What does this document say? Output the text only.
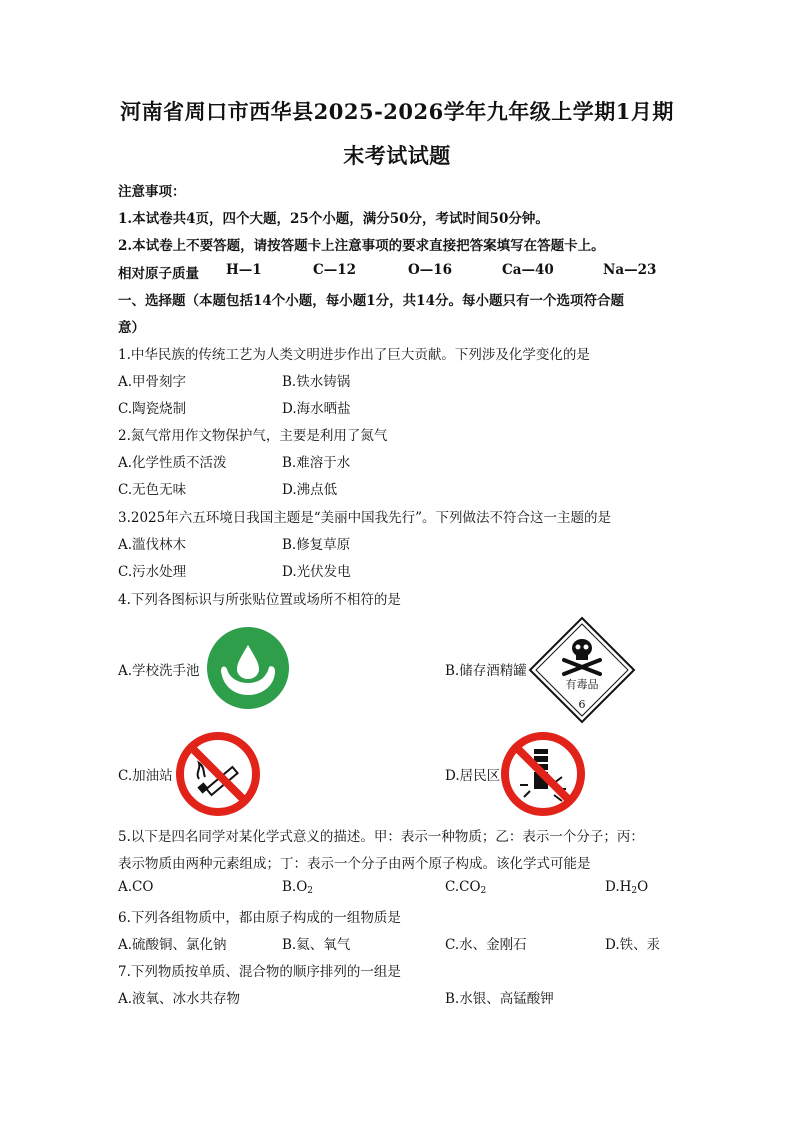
河南省周口市西华县2025-2026学年九年级上学期1月期
末考试试题
注意事项：
1.本试卷共4页，四个大题，25个小题，满分50分，考试时间50分钟。
2.本试卷上不要答题，请按答题卡上注意事项的要求直接把答案填写在答题卡上。
相对原子质量 H—1	C—12	O—16	Ca—40	Na—23
一、选择题（本题包括14个小题，每小题1分，共14分。每小题只有一个选项符合题
意）
1.中华民族的传统工艺为人类文明进步作出了巨大贡献。下列涉及化学变化的是
A.甲骨刻字	B.铁水铸锅
C.陶瓷烧制	D.海水晒盐
2.氮气常用作文物保护气，主要是利用了氮气
A.化学性质不活泼	B.难溶于水
C.无色无味	D.沸点低
3.2025年六五环境日我国主题是“美丽中国我先行”。下列做法不符合这一主题的是
A.滥伐林木	B.修复草原
C.污水处理	D.光伏发电
4.下列各图标识与所张贴位置或场所不相符的是
A.学校洗手池	B.储存酒精罐
有毒品
6
C.加油站	D.居民区
5.以下是四名同学对某化学式意义的描述。甲：表示一种物质；乙：表示一个分子；丙：
表示物质由两种元素组成；丁：表示一个分子由两个原子构成。该化学式可能是
A.CO	$B.O_2$	$C.CO_2$	$D.H_2O$
6.下列各组物质中，都由原子构成的一组物质是
A.硫酸铜、氯化钠	B.氦、氧气	C.水、金刚石	D.铁、汞
7.下列物质按单质、混合物的顺序排列的一组是
A.液氧、冰水共存物	B.水银、高锰酸钾
